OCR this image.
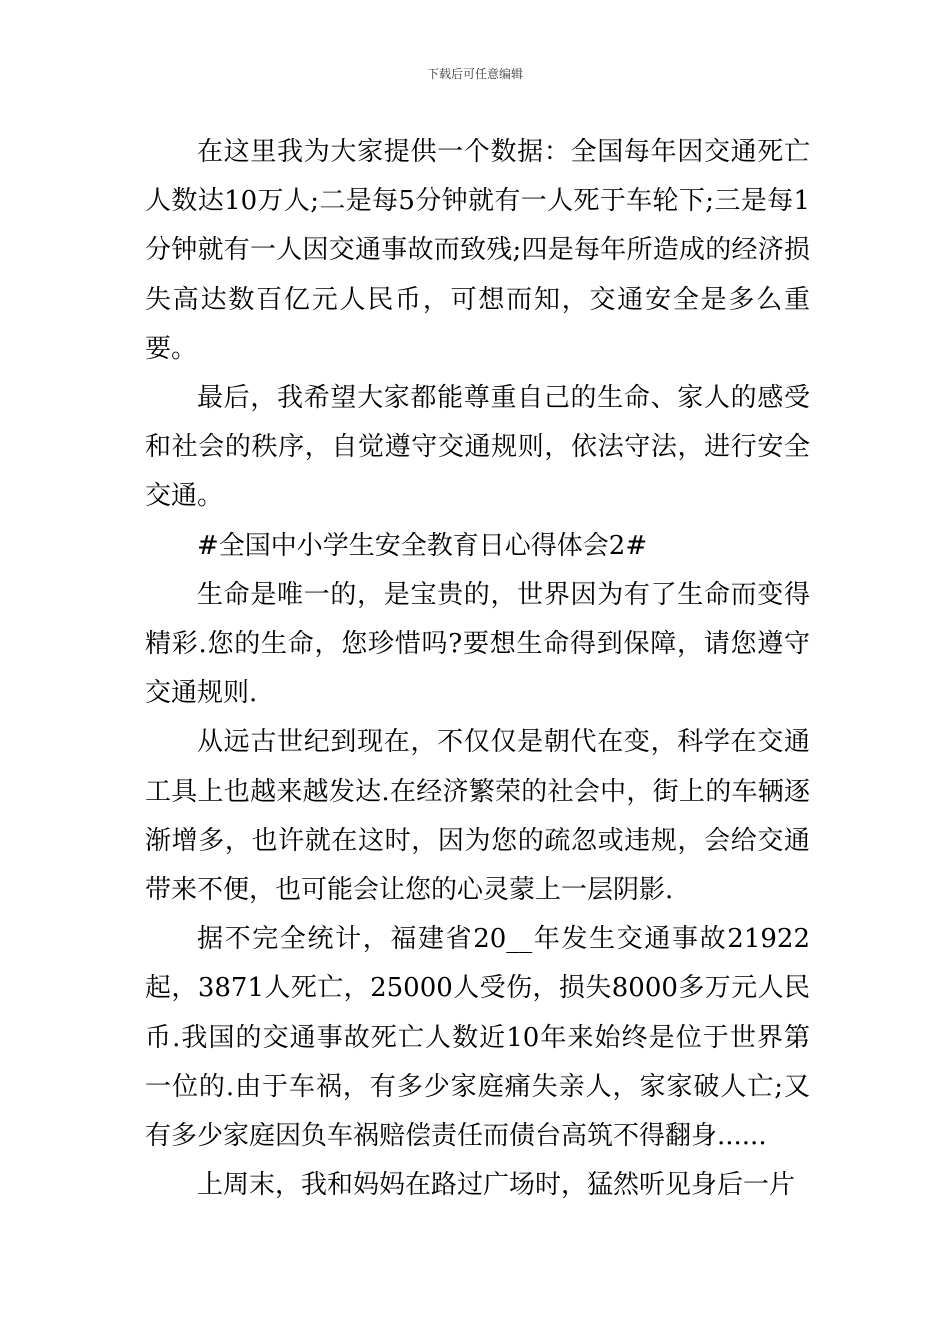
下载后可任意编辑

在这里我为大家提供一个数据：全国每年因交通死亡人数达10万人;二是每5分钟就有一人死于车轮下;三是每1分钟就有一人因交通事故而致残;四是每年所造成的经济损失高达数百亿元人民币，可想而知，交通安全是多么重要。

最后，我希望大家都能尊重自己的生命、家人的感受和社会的秩序，自觉遵守交通规则，依法守法，进行安全交通。

#全国中小学生安全教育日心得体会2#

生命是唯一的，是宝贵的，世界因为有了生命而变得精彩.您的生命，您珍惜吗?要想生命得到保障，请您遵守交通规则.

从远古世纪到现在，不仅仅是朝代在变，科学在交通工具上也越来越发达.在经济繁荣的社会中，街上的车辆逐渐增多，也许就在这时，因为您的疏忽或违规，会给交通带来不便，也可能会让您的心灵蒙上一层阴影.

据不完全统计，福建省20__年发生交通事故21922起，3871人死亡，25000人受伤，损失8000多万元人民币.我国的交通事故死亡人数近10年来始终是位于世界第一位的.由于车祸，有多少家庭痛失亲人，家家破人亡;又有多少家庭因负车祸赔偿责任而债台高筑不得翻身......

上周末，我和妈妈在路过广场时，猛然听见身后一片
